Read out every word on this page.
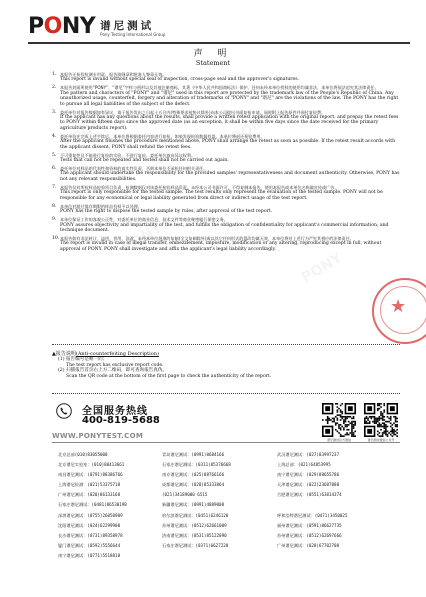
PONY 谱尼测试
Pony Testing International Group
声 明
Statement
1. 本报告无检验检测专用章、报告骑缝章和批准人签章无效。
This report is invalid without special seal of inspection, cross-page seal and the approver's signatures.
2. 本报告封面所使用“PONY”、“谱尼”字样与图形以及其他注册商标，其著《中华人民共和国商标法》保护。任何未经本单位授权的使用均属非法，本单位将依法追究其法律责任。
The pattern and characters of "PONY" and "谱尼" used in this report are protected by the trademark law of the People's Republic of China. Any unauthorized usage, counterfeit, forgery and alteration of trademarks of "PONY" and "谱尼" are the violations of the law. The PONY has the right to pursue all legal liabilities of the subject of the defect.
3. 委托单位对报告数据如有异议，请于报告发出之日起十五日内(特殊要求按协议除外)向本公司提出书面复检申请，同时附上报告原件并预付复检费。
If the applicant has any questions about the results, shall provide a written retest application with the original report, and prepay the retest fees to PONY within fifteen days since the approved date (as an exception, it shall be within five days since the date received for the primary agriculture products report).
4. 委托单位在完成上述手续后，本单位将根据委托内容进行复检。如果发现检验数据有误，本单位将退还检验费用。
After the applicant finishes the procedure mentioned above, PONY shall arrange the retest as soon as possible. If the retest result accords with the applicant dissent, PONY shall refund the retest fees.
5. 不可重复性及不能进行复检的实验，不进行复检。委托单位放弃异议权利。
Tests that can not be repeated and tested shall not be carried out again.
6. 委托单位对样品的代表性和资料的真实性负责，否则本单位不承担任何相关责任。
The applicant should undertake the responsibility for the provided samples' representativeness and document authenticity. Otherwise, PONY has not any relevant responsibilities.
7. 本报告仅对所检样品检验项目负责，检测数据仅对该委托检验样品负责。未经本公司书面许可，不得复制本报告，使用本报告或本单位名称做宣传或广告。
This report is only responsible for the tested sample. The test results only represent the evaluation of the tested sample. PONY will not be responsible for any economical or legal liability generated from direct or indirect usage of the test report.
8. 本单位对超过保存期限的样品有权予以处理。
PONY has the right to dispose the tested sample by rules, after approval of the test report.
9. 本单位保证工作的客观公正性，对委托单位的商业信息、技术文件等商业秘密履行保密义务。
PONY assures objectivity and impartiality of the test, and fulfills the obligation of confidentiality for applicant's commercial information, and technique document.
10. 本报告如有非法转让、盗用、冒用、涂改、未经本单位批准的复制(全文复制除外)或以其它任何形式的篡改均属无效，本单位将对上述行为严究其相应的法律责任。
The report is invalid in case of illegal transfer, embezzlement, imposture, modification or any altering, reproducing except in full, without approval of PONY. PONY shall investigate and affix the applicant's legal liability accordingly.
★
▲报告说明(Anti-counterfeiting Description)
(1) 报告编号是唯一的；
The test report has exclusive report code.
(2) 扫描报告首页右上方二维码，即可查询报告真伪。
Scan the QR code at the bottom of the first page to check the authenticity of the report.
全国服务热线
400-819-5688
WWW.PONYTEST.COM	谱尼测试官方微信	谱尼测试微信公众号
北京总部(010)83055000	青岛谱尼测试：(0991)8684166	武汉谱尼测试：(027)83997237
北京谱尼实验室：(010)80413661	石家庄谱尼测试：(0311)85376668	上海总部：(021)64853995
南昌谱尼测试：(0791)88386766	南京谱尼测试：(025)88766166	南宁谱尼测试：(029)88655786
上海谱尼检测：(021)53375718	成都谱尼测试：(028)85333864	天津谱尼测试：(022)23607888
广州谱尼测试：(020)86133168	(021)34189000 6515	合肥谱尼测试：(0551)63814374
石家庄谱尼测试：(0481)86530198	新疆谱尼测试：(0991)4889008
深圳谱尼测试：(0755)26050909	哈尔滨谱尼测试：(0451)6246128	呼和浩特谱尼测试：(0471)3450025
沈阳谱尼测试：(024)62299900	苏州谱尼测试：(0512)62661009	福州谱尼测试：(0591)86627735
长沙谱尼测试：(0731)89358978	济南谱尼测试：(0531)85122090	苏州谱尼测试：(0512)62697666
厦门谱尼测试：(0592)5556644	石家庄谱尼测试：(0371)6627228	广州谱尼测试：(028)67702708
南宁谱尼测试：(0771)5518818
